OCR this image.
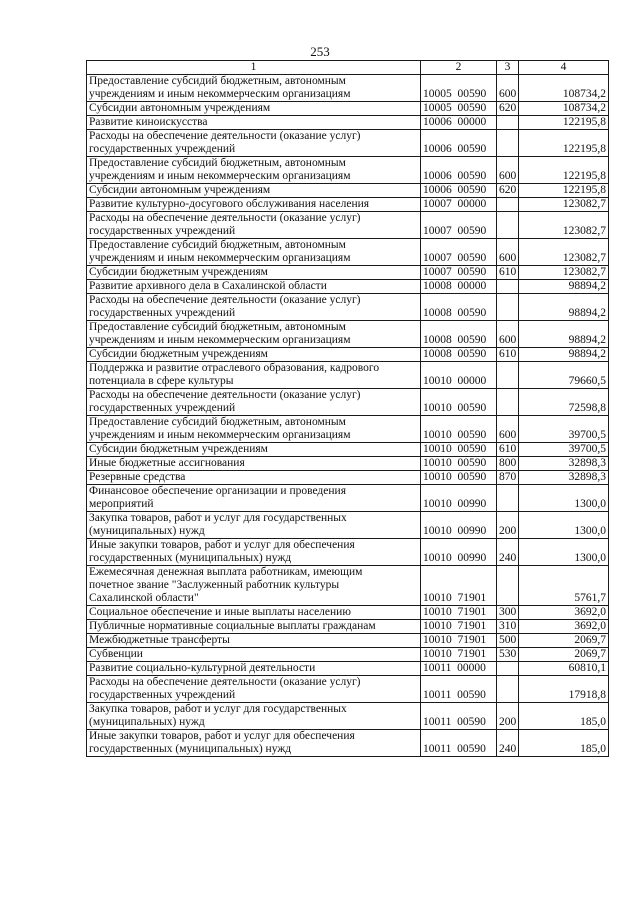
253
1	2	3	4
Предоставление субсидий бюджетным, автономным
учреждениям и иным некоммерческим организациям	10005  00590	600	108734,2
Субсидии автономным учреждениям	10005  00590	620	108734,2
Развитие киноискусства	10006  00000		122195,8
Расходы на обеспечение деятельности (оказание услуг)
государственных учреждений	10006  00590		122195,8
Предоставление субсидий бюджетным, автономным
учреждениям и иным некоммерческим организациям	10006  00590	600	122195,8
Субсидии автономным учреждениям	10006  00590	620	122195,8
Развитие культурно-досугового обслуживания населения	10007  00000		123082,7
Расходы на обеспечение деятельности (оказание услуг)
государственных учреждений	10007  00590		123082,7
Предоставление субсидий бюджетным, автономным
учреждениям и иным некоммерческим организациям	10007  00590	600	123082,7
Субсидии бюджетным учреждениям	10007  00590	610	123082,7
Развитие архивного дела в Сахалинской области	10008  00000		98894,2
Расходы на обеспечение деятельности (оказание услуг)
государственных учреждений	10008  00590		98894,2
Предоставление субсидий бюджетным, автономным
учреждениям и иным некоммерческим организациям	10008  00590	600	98894,2
Субсидии бюджетным учреждениям	10008  00590	610	98894,2
Поддержка и развитие отраслевого образования, кадрового
потенциала в сфере культуры	10010  00000		79660,5
Расходы на обеспечение деятельности (оказание услуг)
государственных учреждений	10010  00590		72598,8
Предоставление субсидий бюджетным, автономным
учреждениям и иным некоммерческим организациям	10010  00590	600	39700,5
Субсидии бюджетным учреждениям	10010  00590	610	39700,5
Иные бюджетные ассигнования	10010  00590	800	32898,3
Резервные средства	10010  00590	870	32898,3
Финансовое обеспечение организации и проведения
мероприятий	10010  00990		1300,0
Закупка товаров, работ и услуг для государственных
(муниципальных) нужд	10010  00990	200	1300,0
Иные закупки товаров, работ и услуг для обеспечения
государственных (муниципальных) нужд	10010  00990	240	1300,0
Ежемесячная денежная выплата работникам, имеющим
почетное звание "Заслуженный работник культуры
Сахалинской области"	10010  71901		5761,7
Социальное обеспечение и иные выплаты населению	10010  71901	300	3692,0
Публичные нормативные социальные выплаты гражданам	10010  71901	310	3692,0
Межбюджетные трансферты	10010  71901	500	2069,7
Субвенции	10010  71901	530	2069,7
Развитие социально-культурной деятельности	10011  00000		60810,1
Расходы на обеспечение деятельности (оказание услуг)
государственных учреждений	10011  00590		17918,8
Закупка товаров, работ и услуг для государственных
(муниципальных) нужд	10011  00590	200	185,0
Иные закупки товаров, работ и услуг для обеспечения
государственных (муниципальных) нужд	10011  00590	240	185,0
